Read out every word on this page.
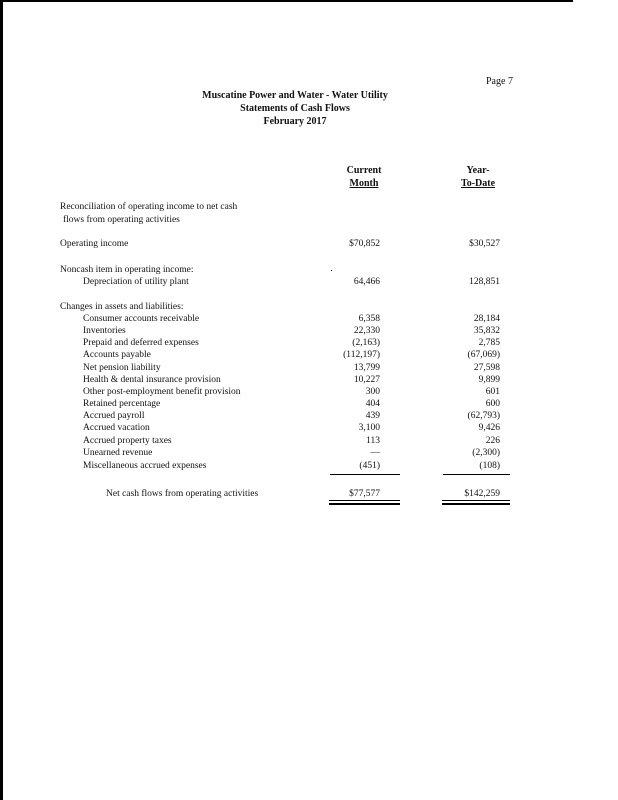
Page 7
Muscatine Power and Water - Water Utility
Statements of Cash Flows
February 2017
Current
Month
Year-
To-Date
Reconciliation of operating income to net cash
flows from operating activities
Operating income	$70,852	$30,527
Noncash item in operating income:
Depreciation of utility plant	64,466	128,851
Changes in assets and liabilities:
Consumer accounts receivable	6,358	28,184
Inventories	22,330	35,832
Prepaid and deferred expenses	(2,163)	2,785
Accounts payable	(112,197)	(67,069)
Net pension liability	13,799	27,598
Health & dental insurance provision	10,227	9,899
Other post-employment benefit provision	300	601
Retained percentage	404	600
Accrued payroll	439	(62,793)
Accrued vacation	3,100	9,426
Accrued property taxes	113	226
Unearned revenue	—	(2,300)
Miscellaneous accrued expenses	(451)	(108)
Net cash flows from operating activities	$77,577	$142,259
